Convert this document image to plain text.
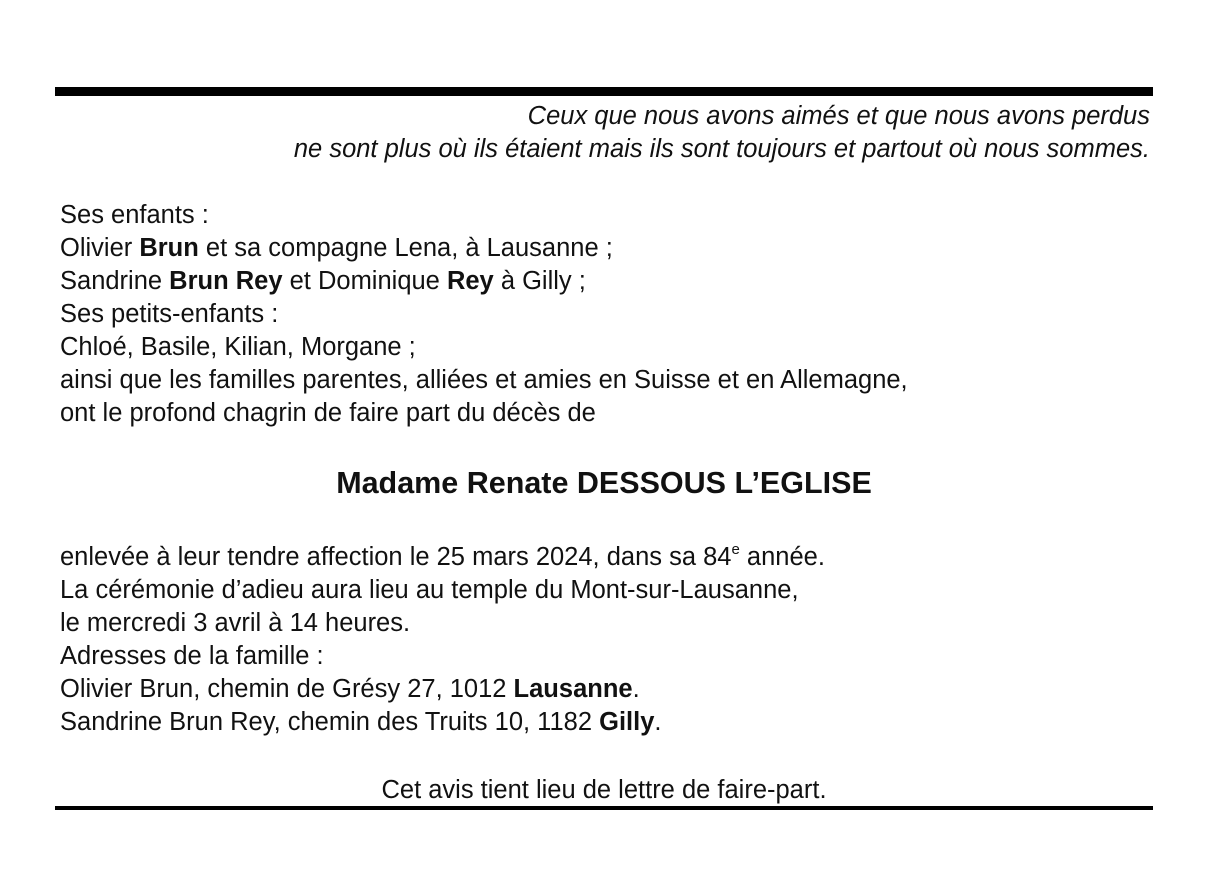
Ceux que nous avons aimés et que nous avons perdus
ne sont plus où ils étaient mais ils sont toujours et partout où nous sommes.
Ses enfants :
Olivier Brun et sa compagne Lena, à Lausanne ;
Sandrine Brun Rey et Dominique Rey à Gilly ;
Ses petits-enfants :
Chloé, Basile, Kilian, Morgane ;
ainsi que les familles parentes, alliées et amies en Suisse et en Allemagne,
ont le profond chagrin de faire part du décès de
Madame Renate DESSOUS L’EGLISE
enlevée à leur tendre affection le 25 mars 2024, dans sa 84e année.
La cérémonie d’adieu aura lieu au temple du Mont-sur-Lausanne,
le mercredi 3 avril à 14 heures.
Adresses de la famille :
Olivier Brun, chemin de Grésy 27, 1012 Lausanne.
Sandrine Brun Rey, chemin des Truits 10, 1182 Gilly.
Cet avis tient lieu de lettre de faire-part.
